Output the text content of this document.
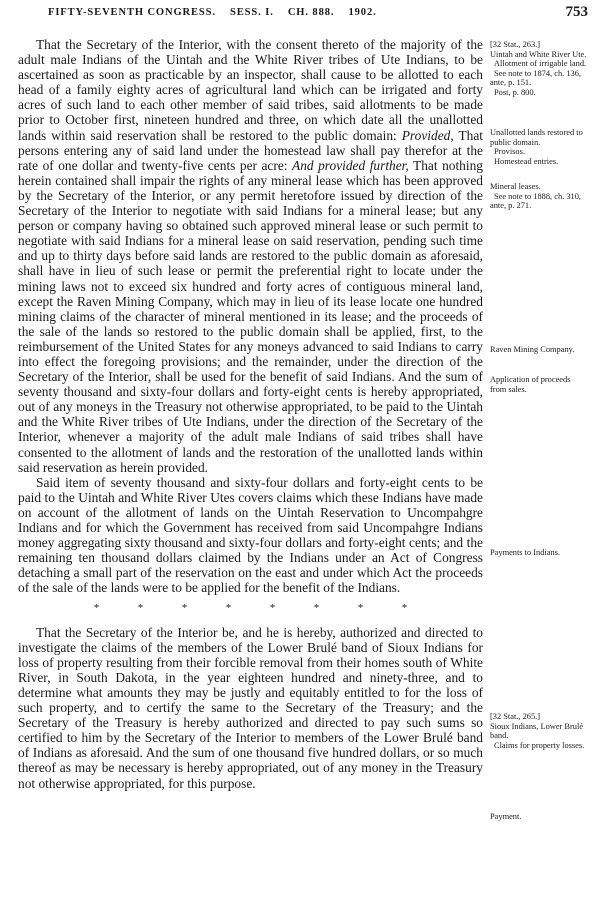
FIFTY-SEVENTH CONGRESS.    SESS. I.    CH. 888.    1902.	753

That the Secretary of the Interior, with the consent thereto of the majority of the adult male Indians of the Uintah and the White River tribes of Ute Indians, to be ascertained as soon as practicable by an inspector, shall cause to be allotted to each head of a family eighty acres of agricultural land which can be irrigated and forty acres of such land to each other member of said tribes, said allotments to be made prior to October first, nineteen hundred and three, on which date all the unallotted lands within said reservation shall be restored to the public domain: Provided, That persons entering any of said land under the homestead law shall pay therefor at the rate of one dollar and twenty-five cents per acre: And provided further, That nothing herein contained shall impair the rights of any mineral lease which has been approved by the Secretary of the Interior, or any permit heretofore issued by direction of the Secretary of the Interior to negotiate with said Indians for a mineral lease; but any person or company having so obtained such approved mineral lease or such permit to negotiate with said Indians for a mineral lease on said reservation, pending such time and up to thirty days before said lands are restored to the public domain as aforesaid, shall have in lieu of such lease or permit the preferential right to locate under the mining laws not to exceed six hundred and forty acres of contiguous mineral land, except the Raven Mining Company, which may in lieu of its lease locate one hundred mining claims of the character of mineral mentioned in its lease; and the proceeds of the sale of the lands so restored to the public domain shall be applied, first, to the reimbursement of the United States for any moneys advanced to said Indians to carry into effect the foregoing provisions; and the remainder, under the direction of the Secretary of the Interior, shall be used for the benefit of said Indians. And the sum of seventy thousand and sixty-four dollars and forty-eight cents is hereby appropriated, out of any moneys in the Treasury not otherwise appropriated, to be paid to the Uintah and the White River tribes of Ute Indians, under the direction of the Secretary of the Interior, whenever a majority of the adult male Indians of said tribes shall have consented to the allotment of lands and the restoration of the unallotted lands within said reservation as herein provided.

Said item of seventy thousand and sixty-four dollars and forty-eight cents to be paid to the Uintah and White River Utes covers claims which these Indians have made on account of the allotment of lands on the Uintah Reservation to Uncompahgre Indians and for which the Government has received from said Uncompahgre Indians money aggregating sixty thousand and sixty-four dollars and forty-eight cents; and the remaining ten thousand dollars claimed by the Indians under an Act of Congress detaching a small part of the reservation on the east and under which Act the proceeds of the sale of the lands were to be applied for the benefit of the Indians.

*	*	*	*	*	*	*	*

That the Secretary of the Interior be, and he is hereby, authorized and directed to investigate the claims of the members of the Lower Brulé band of Sioux Indians for loss of property resulting from their forcible removal from their homes south of White River, in South Dakota, in the year eighteen hundred and ninety-three, and to determine what amounts they may be justly and equitably entitled to for the loss of such property, and to certify the same to the Secretary of the Treasury; and the Secretary of the Treasury is hereby authorized and directed to pay such sums so certified to him by the Secretary of the Interior to members of the Lower Brulé band of Indians as aforesaid. And the sum of one thousand five hundred dollars, or so much thereof as may be necessary is hereby appropriated, out of any money in the Treasury not otherwise appropriated, for this purpose.

[32 Stat., 263.]
Uintah and White River Ute.
Allotment of irrigable land.
See note to 1874, ch. 136, ante, p. 151.
Post, p. 800.
Unallotted lands restored to public domain.
Provisos.
Homestead entries.
Mineral leases.
See note to 1888, ch. 310, ante, p. 271.
Raven Mining Company.
Application of proceeds from sales.
Payments to Indians.
[32 Stat., 265.]
Sioux Indians, Lower Brulé band.
Claims for property losses.
Payment.
